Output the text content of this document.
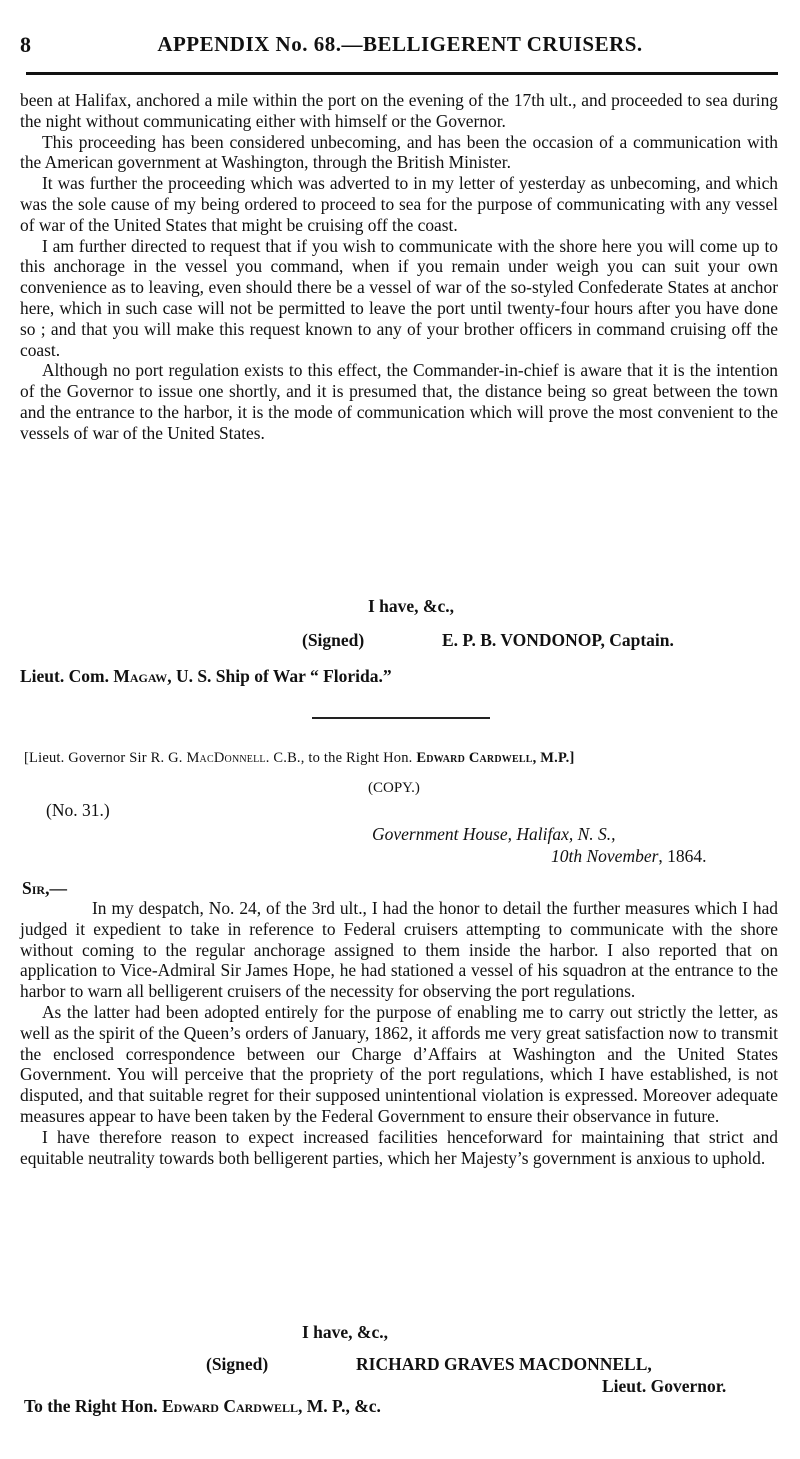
8	APPENDIX No. 68.—BELLIGERENT CRUISERS.

been at Halifax, anchored a mile within the port on the evening of the 17th ult., and proceeded to sea during the night without communicating either with himself or the Governor.

This proceeding has been considered unbecoming, and has been the occasion of a communication with the American government at Washington, through the British Minister.

It was further the proceeding which was adverted to in my letter of yesterday as unbecoming, and which was the sole cause of my being ordered to proceed to sea for the purpose of communicating with any vessel of war of the United States that might be cruising off the coast.

I am further directed to request that if you wish to communicate with the shore here you will come up to this anchorage in the vessel you command, when if you remain under weigh you can suit your own convenience as to leaving, even should there be a vessel of war of the so-styled Confederate States at anchor here, which in such case will not be permitted to leave the port until twenty-four hours after you have done so ; and that you will make this request known to any of your brother officers in command cruising off the coast.

Although no port regulation exists to this effect, the Commander-in-chief is aware that it is the intention of the Governor to issue one shortly, and it is presumed that, the distance being so great between the town and the entrance to the harbor, it is the mode of communication which will prove the most convenient to the vessels of war of the United States.

I have, &c.,
(Signed)	E. P. B. VONDONOP, Captain.
Lieut. Com. Magaw, U. S. Ship of War “ Florida.”
[Lieut. Governor Sir R. G. MacDonnell. C.B., to the Right Hon. Edward Cardwell, M.P.]
(COPY.)
(No. 31.)
Government House, Halifax, N. S.,
10th November, 1864.
Sir,—

In my despatch, No. 24, of the 3rd ult., I had the honor to detail the further measures which I had judged it expedient to take in reference to Federal cruisers attempting to communicate with the shore without coming to the regular anchorage assigned to them inside the harbor. I also reported that on application to Vice-Admiral Sir James Hope, he had stationed a vessel of his squadron at the entrance to the harbor to warn all belligerent cruisers of the necessity for observing the port regulations.

As the latter had been adopted entirely for the purpose of enabling me to carry out strictly the letter, as well as the spirit of the Queen’s orders of January, 1862, it affords me very great satisfaction now to transmit the enclosed correspondence between our Charge d’Affairs at Washington and the United States Government. You will perceive that the propriety of the port regulations, which I have established, is not disputed, and that suitable regret for their supposed unintentional violation is expressed. Moreover adequate measures appear to have been taken by the Federal Government to ensure their observance in future.

I have therefore reason to expect increased facilities henceforward for maintaining that strict and equitable neutrality towards both belligerent parties, which her Majesty’s government is anxious to uphold.

I have, &c.,
(Signed)	RICHARD GRAVES MACDONNELL,
Lieut. Governor.
To the Right Hon. Edward Cardwell, M. P., &c.
